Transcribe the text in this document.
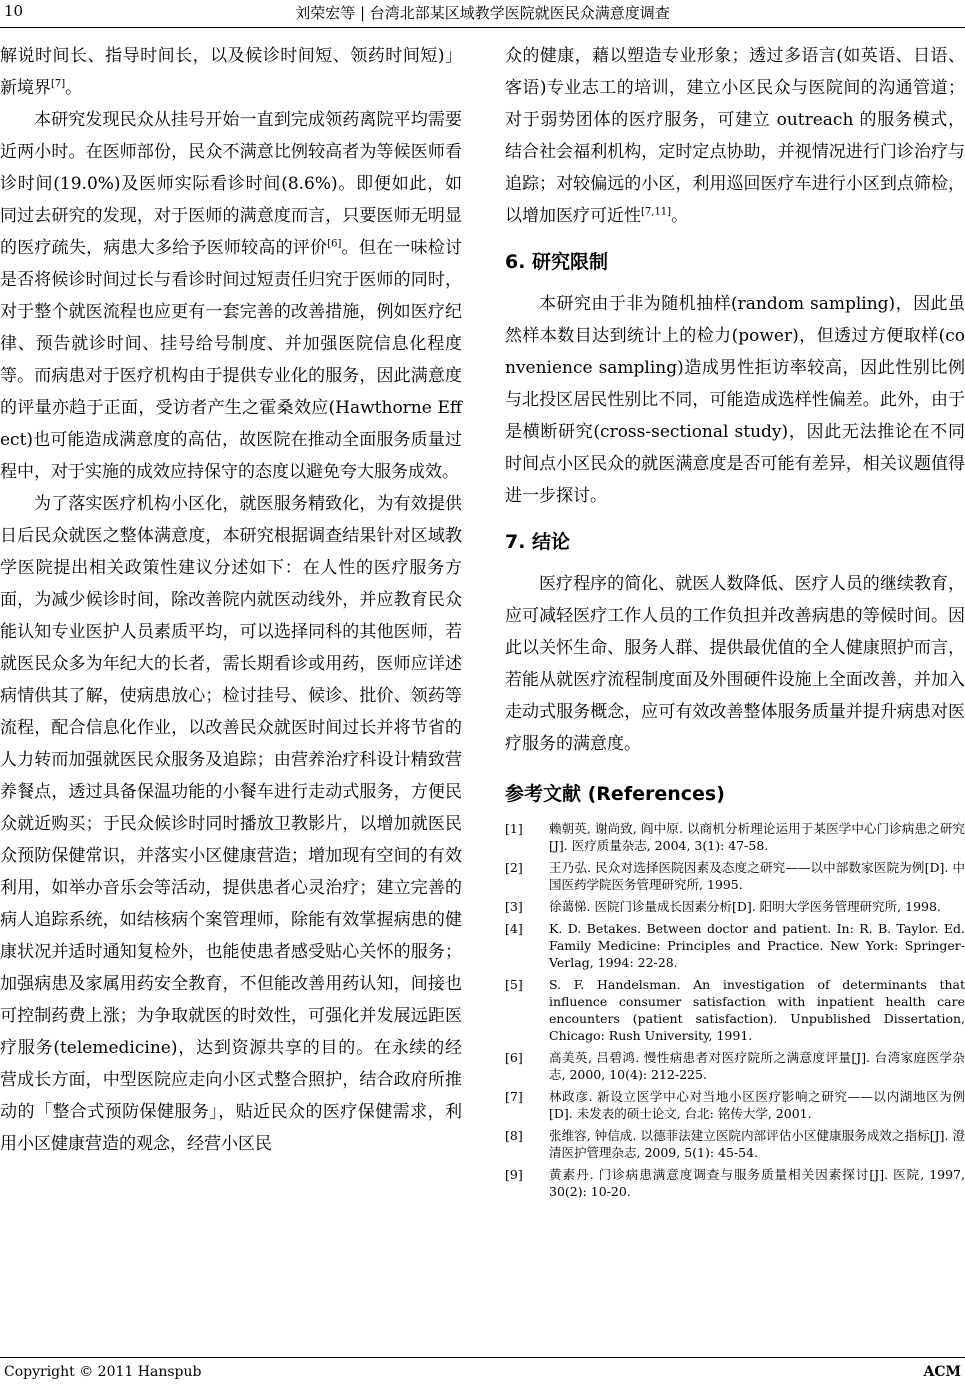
10	刘荣宏等 | 台湾北部某区域教学医院就医民众满意度调查

解说时间长、指导时间长，以及候诊时间短、领药时间短)」新境界[7]。

本研究发现民众从挂号开始一直到完成领药离院平均需要近两小时。在医师部份，民众不满意比例较高者为等候医师看诊时间(19.0%)及医师实际看诊时间(8.6%)。即便如此，如同过去研究的发现，对于医师的满意度而言，只要医师无明显的医疗疏失，病患大多给予医师较高的评价[6]。但在一味检讨是否将候诊时间过长与看诊时间过短责任归究于医师的同时，对于整个就医流程也应更有一套完善的改善措施，例如医疗纪律、预告就诊时间、挂号给号制度、并加强医院信息化程度等。而病患对于医疗机构由于提供专业化的服务，因此满意度的评量亦趋于正面，受访者产生之霍桑效应(Hawthorne Effect)也可能造成满意度的高估，故医院在推动全面服务质量过程中，对于实施的成效应持保守的态度以避免夸大服务成效。

为了落实医疗机构小区化，就医服务精致化，为有效提供日后民众就医之整体满意度，本研究根据调查结果针对区域教学医院提出相关政策性建议分述如下：在人性的医疗服务方面，为减少候诊时间，除改善院内就医动线外，并应教育民众能认知专业医护人员素质平均，可以选择同科的其他医师，若就医民众多为年纪大的长者，需长期看诊或用药，医师应详述病情供其了解，使病患放心；检讨挂号、候诊、批价、领药等流程，配合信息化作业，以改善民众就医时间过长并将节省的人力转而加强就医民众服务及追踪；由营养治疗科设计精致营养餐点，透过具备保温功能的小餐车进行走动式服务，方便民众就近购买；于民众候诊时同时播放卫教影片，以增加就医民众预防保健常识，并落实小区健康营造；增加现有空间的有效利用，如举办音乐会等活动，提供患者心灵治疗；建立完善的病人追踪系统，如结核病个案管理师，除能有效掌握病患的健康状况并适时通知复检外，也能使患者感受贴心关怀的服务；加强病患及家属用药安全教育，不但能改善用药认知，间接也可控制药费上涨；为争取就医的时效性，可强化并发展远距医疗服务(telemedicine)，达到资源共享的目的。在永续的经营成长方面，中型医院应走向小区式整合照护，结合政府所推动的「整合式预防保健服务」，贴近民众的医疗保健需求，利用小区健康营造的观念，经营小区民

众的健康，藉以塑造专业形象；透过多语言(如英语、日语、客语)专业志工的培训，建立小区民众与医院间的沟通管道；对于弱势团体的医疗服务，可建立 outreach 的服务模式，结合社会福利机构，定时定点协助，并视情况进行门诊治疗与追踪；对较偏远的小区，利用巡回医疗车进行小区到点筛检，以增加医疗可近性[7,11]。

6. 研究限制

本研究由于非为随机抽样(random sampling)，因此虽然样本数目达到统计上的检力(power)，但透过方便取样(convenience sampling)造成男性拒访率较高，因此性别比例与北投区居民性别比不同，可能造成选样性偏差。此外，由于是横断研究(cross-sectional study)，因此无法推论在不同时间点小区民众的就医满意度是否可能有差异，相关议题值得进一步探讨。

7. 结论

医疗程序的简化、就医人数降低、医疗人员的继续教育，应可减轻医疗工作人员的工作负担并改善病患的等候时间。因此以关怀生命、服务人群、提供最优值的全人健康照护而言，若能从就医疗流程制度面及外围硬件设施上全面改善，并加入走动式服务概念，应可有效改善整体服务质量并提升病患对医疗服务的满意度。

参考文献 (References)
[1] 赖朝英, 谢尚致, 阎中原. 以商机分析理论运用于某医学中心门诊病患之研究[J]. 医疗质量杂志, 2004, 3(1): 47-58.
[2] 王乃弘. 民众对选择医院因素及态度之研究——以中部数家医院为例[D]. 中国医药学院医务管理研究所, 1995.
[3] 徐蔼悌. 医院门诊量成长因素分析[D]. 阳明大学医务管理研究所, 1998.
[4] K. D. Betakes. Between doctor and patient. In: R. B. Taylor. Ed. Family Medicine: Principles and Practice. New York: Springer-Verlag, 1994: 22-28.
[5] S. F. Handelsman. An investigation of determinants that influence consumer satisfaction with inpatient health care encounters (patient satisfaction). Unpublished Dissertation, Chicago: Rush University, 1991.
[6] 高美英, 吕碧鸿. 慢性病患者对医疗院所之满意度评量[J]. 台湾家庭医学杂志, 2000, 10(4): 212-225.
[7] 林政彦. 新设立医学中心对当地小区医疗影响之研究——以内湖地区为例[D]. 未发表的硕士论文, 台北: 铭传大学, 2001.
[8] 张维容, 钟信成. 以德菲法建立医院内部评估小区健康服务成效之指标[J]. 澄清医护管理杂志, 2009, 5(1): 45-54.
[9] 黄素丹. 门诊病患满意度调查与服务质量相关因素探讨[J]. 医院, 1997, 30(2): 10-20.
Copyright © 2011 Hanspub	ACM
